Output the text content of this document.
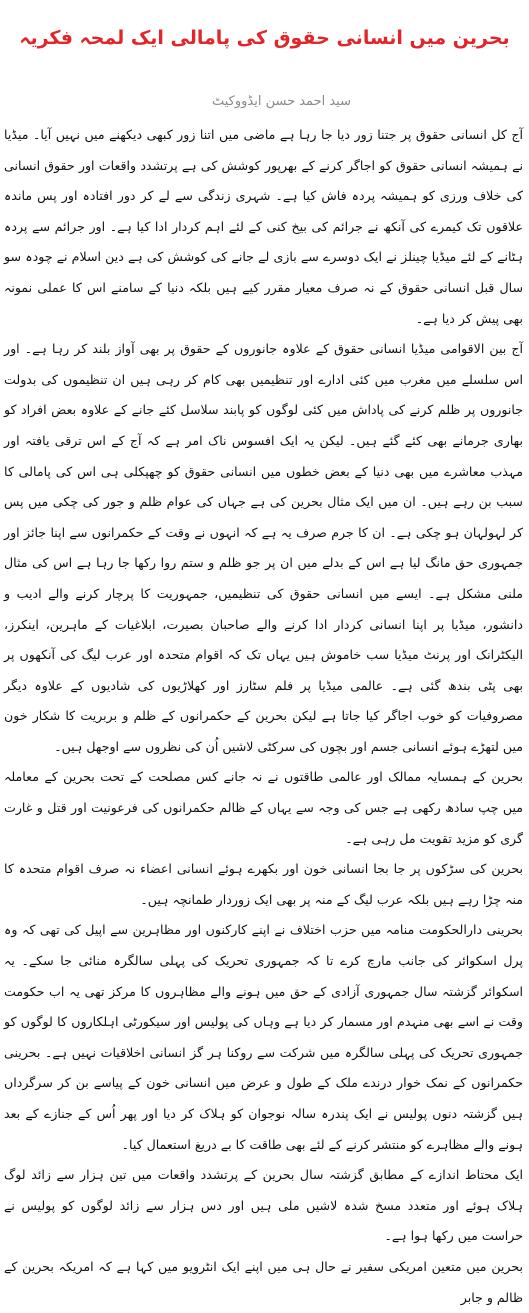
بحرین میں انسانی حقوق کی پامالی ایک لمحہ فکریہ
سید احمد حسن ایڈووکیٹ

آج کل انسانی حقوق پر جتنا زور دیا جا رہا ہے ماضی میں اتنا زور کبھی دیکھنے میں نہیں آیا۔ میڈیا نے ہمیشہ انسانی حقوق کو اجاگر کرنے کے بھرپور کوشش کی ہے پرتشدد واقعات اور حقوق انسانی کی خلاف ورزی کو ہمیشہ پردہ فاش کیا ہے۔ شہری زندگی سے لے کر دور افتادہ اور پس ماندہ علاقوں تک کیمرے کی آنکھ نے جرائم کی بیخ کنی کے لئے اہم کردار ادا کیا ہے۔ اور جرائم سے پردہ ہٹانے کے لئے میڈیا چینلز نے ایک دوسرے سے بازی لے جانے کی کوشش کی ہے دین اسلام نے چودہ سو سال قبل انسانی حقوق کے نہ صرف معیار مقرر کیے ہیں بلکہ دنیا کے سامنے اس کا عملی نمونہ بھی پیش کر دیا ہے۔

آج بین الاقوامی میڈیا انسانی حقوق کے علاوہ جانوروں کے حقوق پر بھی آواز بلند کر رہا ہے۔ اور اس سلسلے میں مغرب میں کئی ادارے اور تنظیمیں بھی کام کر رہی ہیں ان تنظیموں کی بدولت جانوروں پر ظلم کرنے کی پاداش میں کئی لوگوں کو پابند سلاسل کئے جانے کے علاوہ بعض افراد کو بھاری جرمانے بھی کئے گئے ہیں۔ لیکن یہ ایک افسوس ناک امر ہے کہ آج کے اس ترقی یافتہ اور مہذب معاشرے میں بھی دنیا کے بعض خطوں میں انسانی حقوق کو چھپکلی ہی اس کی پامالی کا سبب بن رہے ہیں۔ ان میں ایک مثال بحرین کی ہے جہاں کی عوام ظلم و جور کی چکی میں پس کر لہولہان ہو چکی ہے۔ ان کا جرم صرف یہ ہے کہ انہوں نے وقت کے حکمرانوں سے اپنا جائز اور جمہوری حق مانگ لیا ہے اس کے بدلے میں ان پر جو ظلم و ستم روا رکھا جا رہا ہے اس کی مثال ملنی مشکل ہے۔ ایسے میں انسانی حقوق کی تنظیمیں، جمہوریت کا پرچار کرنے والے ادیب و دانشور، میڈیا پر اپنا انسانی کردار ادا کرنے والے صاحبان بصیرت، ابلاغیات کے ماہرین، اینکرز، الیکٹرانک اور پرنٹ میڈیا سب خاموش ہیں یہاں تک کہ اقوام متحدہ اور عرب لیگ کی آنکھوں پر بھی پٹی بندھ گئی ہے۔ عالمی میڈیا پر فلم سٹارز اور کھلاڑیوں کی شادیوں کے علاوہ دیگر مصروفیات کو خوب اجاگر کیا جاتا ہے لیکن بحرین کے حکمرانوں کے ظلم و بربریت کا شکار خون میں لتھڑے ہوئے انسانی جسم اور بچوں کی سرکٹی لاشیں اُن کی نظروں سے اوجھل ہیں۔

بحرین کے ہمسایہ ممالک اور عالمی طاقتوں نے نہ جانے کس مصلحت کے تحت بحرین کے معاملہ میں چپ سادھ رکھی ہے جس کی وجہ سے یہاں کے ظالم حکمرانوں کی فرعونیت اور قتل و غارت گری کو مزید تقویت مل رہی ہے۔

بحرین کی سڑکوں پر جا بجا انسانی خون اور بکھرے ہوئے انسانی اعضاء نہ صرف اقوام متحدہ کا منہ چڑا رہے ہیں بلکہ عرب لیگ کے منہ پر بھی ایک زوردار طمانچہ ہیں۔

بحرینی دارالحکومت منامہ میں حزب اختلاف نے اپنے کارکنوں اور مظاہرین سے اپیل کی تھی کہ وہ پرل اسکوائر کی جانب مارچ کرے تا کہ جمہوری تحریک کی پہلی سالگرہ منائی جا سکے۔ یہ اسکوائر گزشتہ سال جمہوری آزادی کے حق میں ہونے والے مظاہروں کا مرکز تھی یہ اب حکومت وقت نے اسے بھی منہدم اور مسمار کر دیا ہے وہاں کی پولیس اور سیکورٹی اہلکاروں کا لوگوں کو جمہوری تحریک کی پہلی سالگرہ میں شرکت سے روکنا ہر گز انسانی اخلاقیات نہیں ہے۔ بحرینی حکمرانوں کے نمک خوار درندے ملک کے طول و عرض میں انسانی خون کے پیاسے بن کر سرگرداں ہیں گزشتہ دنوں پولیس نے ایک پندرہ سالہ نوجوان کو ہلاک کر دیا اور پھر اُس کے جنازے کے بعد ہونے والے مظاہرے کو منتشر کرنے کے لئے بھی طاقت کا بے دریغ استعمال کیا۔

ایک محتاط اندازے کے مطابق گزشتہ سال بحرین کے پرتشدد واقعات میں تین ہزار سے زائد لوگ ہلاک ہوئے اور متعدد مسخ شدہ لاشیں ملی ہیں اور دس ہزار سے زائد لوگوں کو پولیس نے حراست میں رکھا ہوا ہے۔

بحرین میں متعین امریکی سفیر نے حال ہی میں اپنے ایک انٹرویو میں کہا ہے کہ امریکہ بحرین کے ظالم و جابر
